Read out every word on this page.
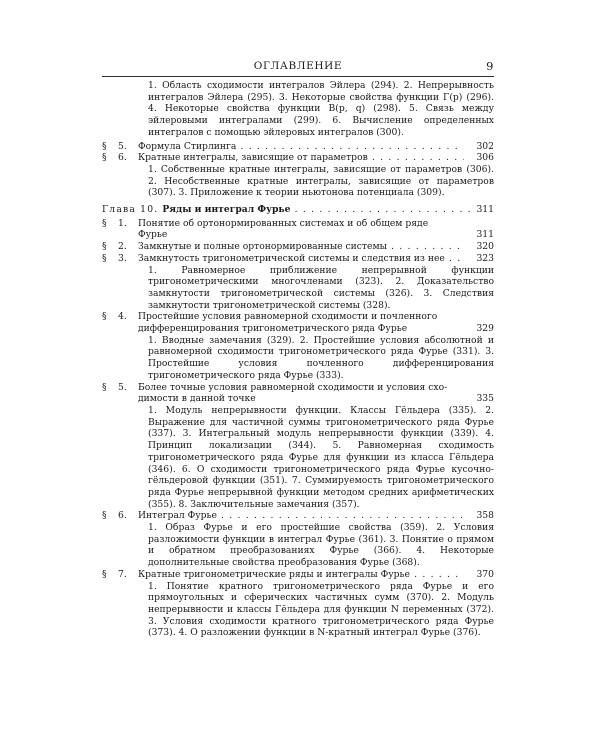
ОГЛАВЛЕНИЕ	9
1. Область сходимости интегралов Эйлера (294). 2. Непрерывность интегралов Эйлера (295). 3. Некоторые свойства функции Γ(p) (296). 4. Некоторые свойства функции B(p, q) (298). 5. Связь между эйлеровыми интегралами (299). 6. Вычисление определенных интегралов с помощью эйлеровых интегралов (300).
§	5.	Формула Стирлинга . . .	302
§	6.	Кратные интегралы, зависящие от параметров . . .	306
1. Собственные кратные интегралы, зависящие от параметров (306). 2. Несобственные кратные интегралы, зависящие от параметров (307). 3. Приложение к теории ньютонова потенциала (309).
Глава 10. Ряды и интеграл Фурье . . .	311
§	1.	Понятие об ортонормированных системах и об общем ряде
Фурье	311
§	2.	Замкнутые и полные ортонормированные системы . . .	320
§	3.	Замкнутость тригонометрической системы и следствия из нее . . .	323
1. Равномерное приближение непрерывной функции тригонометрическими многочленами (323). 2. Доказательство замкнутости тригонометрической системы (326). 3. Следствия замкнутости тригонометрической системы (328).
§	4.	Простейшие условия равномерной сходимости и почленного
дифференцирования тригонометрического ряда Фурье	329
1. Вводные замечания (329). 2. Простейшие условия абсолютной и равномерной сходимости тригонометрического ряда Фурье (331). 3. Простейшие условия почленного дифференцирования тригонометрического ряда Фурье (333).
§	5.	Более точные условия равномерной сходимости и условия схо-
димости в данной точке	335
1. Модуль непрерывности функции. Классы Гёльдера (335). 2. Выражение для частичной суммы тригонометрического ряда Фурье (337). 3. Интегральный модуль непрерывности функции (339). 4. Принцип локализации (344). 5. Равномерная сходимость тригонометрического ряда Фурье для функции из класса Гёльдера (346). 6. О сходимости тригонометрического ряда Фурье кусочно-гёльдеровой функции (351). 7. Суммируемость тригонометрического ряда Фурье непрерывной функции методом средних арифметических (355). 8. Заключительные замечания (357).
§	6.	Интеграл Фурье . . .	358
1. Образ Фурье и его простейшие свойства (359). 2. Условия разложимости функции в интеграл Фурье (361). 3. Понятие о прямом и обратном преобразованиях Фурье (366). 4. Некоторые дополнительные свойства преобразования Фурье (368).
§	7.	Кратные тригонометрические ряды и интегралы Фурье . . .	370
1. Понятие кратного тригонометрического ряда Фурье и его прямоугольных и сферических частичных сумм (370). 2. Модуль непрерывности и классы Гёльдера для функции N переменных (372). 3. Условия сходимости кратного тригонометрического ряда Фурье (373). 4. О разложении функции в N-кратный интеграл Фурье (376).
